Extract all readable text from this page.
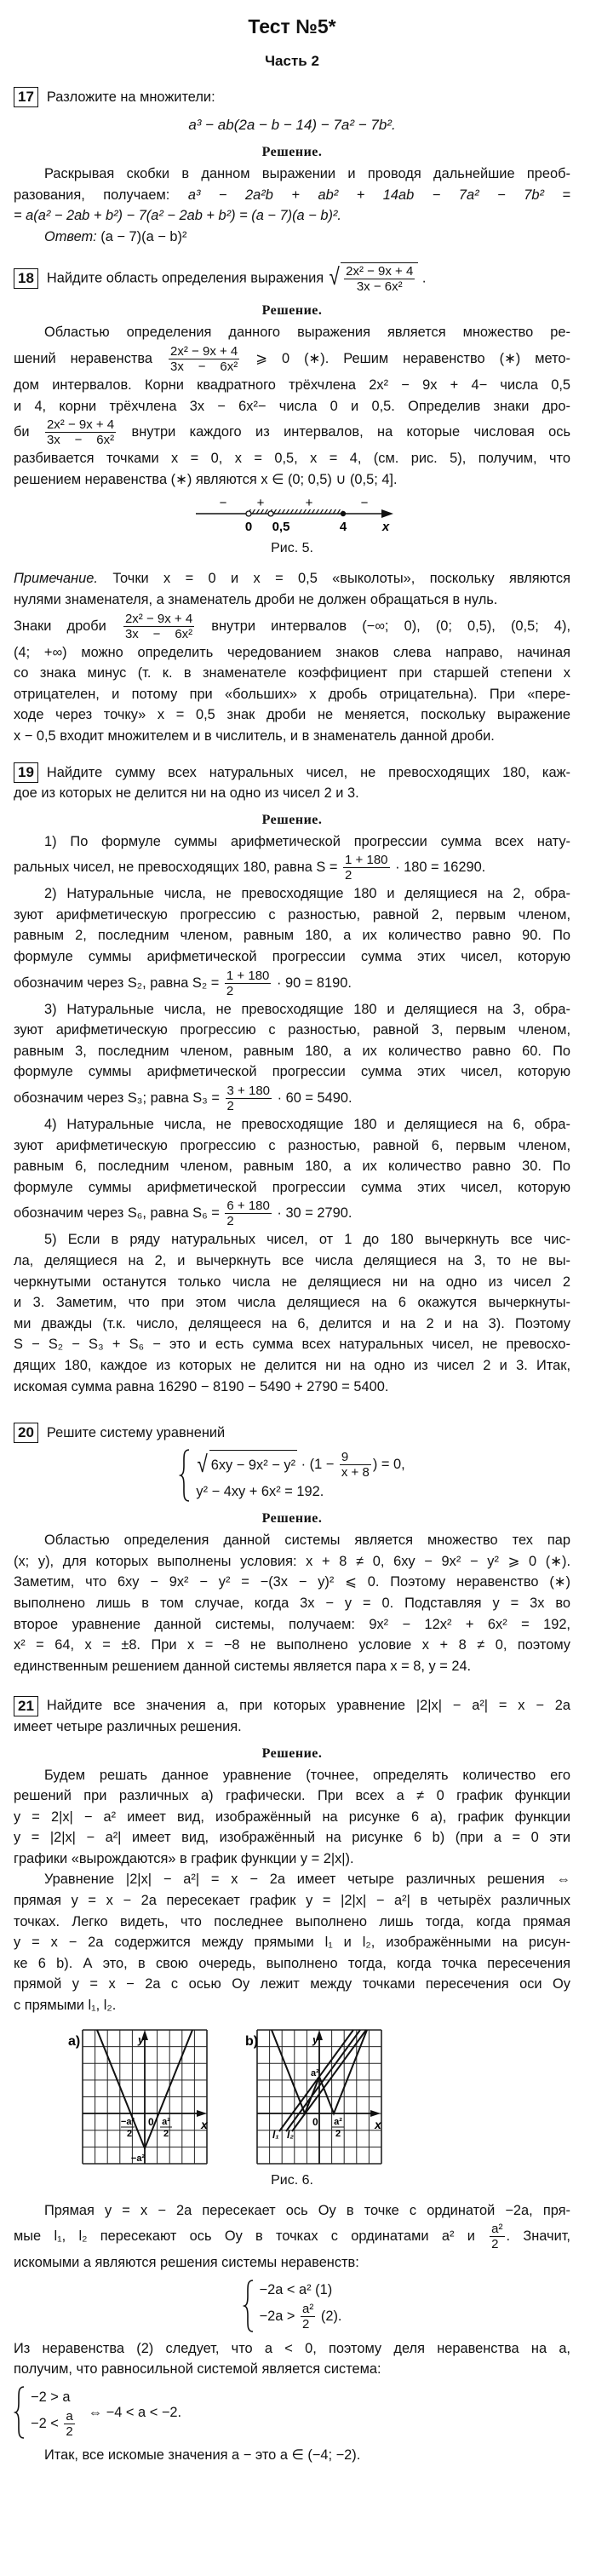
Тест №5*
Часть 2
17 Разложите на множители:
a³ − ab(2a − b − 14) − 7a² − 7b².
Решение.
Раскрывая скобки в данном выражении и проводя дальнейшие преоб-
разования, получаем: a³ − 2a²b + ab² + 14ab − 7a² − 7b² =
= a(a² − 2ab + b²) − 7(a² − 2ab + b²) = (a − 7)(a − b)².
Ответ: (a − 7)(a − b)²
18 Найдите область определения выражения √ $\frac{\text{2x² − 9x + 4}}{\text{3x − 6x²}}$ .
Решение.
Областью определения данного выражения является множество ре-
шений неравенства $\frac{\text{2x² − 9x + 4}}{\text{3x − 6x²}}$ ⩾ 0 (∗). Решим неравенство (∗) мето-
дом интервалов. Корни квадратного трёхчлена 2x² − 9x + 4− числа 0,5
и 4, корни трёхчлена 3x − 6x²− числа 0 и 0,5. Определив знаки дро-
би $\frac{\text{2x² − 9x + 4}}{\text{3x − 6x²}}$ внутри каждого из интервалов, на которые числовая ось
разбивается точками x = 0, x = 0,5, x = 4, (см. рис. 5), получим, что
решением неравенства (∗) являются x ∈ (0; 0,5) ∪ (0,5; 4].
− +	+	−
0 0,5	4	x
Рис. 5.
Примечание. Точки x = 0 и x = 0,5 «выколоты», поскольку являются
нулями знаменателя, а знаменатель дроби не должен обращаться в нуль.
Знаки дроби $\frac{\text{2x² − 9x + 4}}{\text{3x − 6x²}}$ внутри интервалов (−∞; 0), (0; 0,5), (0,5; 4),
(4; +∞) можно определить чередованием знаков слева направо, начиная
со знака минус (т. к. в знаменателе коэффициент при старшей степени x
отрицателен, и потому при «больших» x дробь отрицательна). При «пере-
ходе через точку» x = 0,5 знак дроби не меняется, поскольку выражение
x − 0,5 входит множителем и в числитель, и в знаменатель данной дроби.
19 Найдите сумму всех натуральных чисел, не превосходящих 180, каж-
дое из которых не делится ни на одно из чисел 2 и 3.
Решение.
1) По формуле суммы арифметической прогрессии сумма всех нату-
ральных чисел, не превосходящих 180, равна $S = \frac{1 + 180}{2} \cdot 180 = 16290$.
2) Натуральные числа, не превосходящие 180 и делящиеся на 2, обра-
зуют арифметическую прогрессию с разностью, равной 2, первым членом,
равным 2, последним членом, равным 180, а их количество равно 90. По
формуле суммы арифметической прогрессии сумма этих чисел, которую
обозначим через S₂, равна $S_2 = \frac{1 + 180}{2} \cdot 90 = 8190$.
3) Натуральные числа, не превосходящие 180 и делящиеся на 3, обра-
зуют арифметическую прогрессию с разностью, равной 3, первым членом,
равным 3, последним членом, равным 180, а их количество равно 60. По
формуле суммы арифметической прогрессии сумма этих чисел, которую
обозначим через S₃; равна $S_3 = \frac{3 + 180}{2} \cdot 60 = 5490$.
4) Натуральные числа, не превосходящие 180 и делящиеся на 6, обра-
зуют арифметическую прогрессию с разностью, равной 6, первым членом,
равным 6, последним членом, равным 180, а их количество равно 30. По
формуле суммы арифметической прогрессии сумма этих чисел, которую
обозначим через S₆, равна $S_6 = \frac{6 + 180}{2} \cdot 30 = 2790$.
5) Если в ряду натуральных чисел, от 1 до 180 вычеркнуть все чис-
ла, делящиеся на 2, и вычеркнуть все числа делящиеся на 3, то не вы-
черкнутыми останутся только числа не делящиеся ни на одно из чисел 2
и 3. Заметим, что при этом числа делящиеся на 6 окажутся вычеркнуты-
ми дважды (т.к. число, делящееся на 6, делится и на 2 и на 3). Поэтому
S − S₂ − S₃ + S₆ − это и есть сумма всех натуральных чисел, не превосхо-
дящих 180, каждое из которых не делится ни на одно из чисел 2 и 3. Итак,
искомая сумма равна 16290 − 8190 − 5490 + 2790 = 5400.
20 Решите систему уравнений
√ $6xy - 9x^2 - y^2 \cdot (1 - \frac{9}{x + 8}$ ) = 0,
y² − 4xy + 6x² = 192.
Решение.
Областью определения данной системы является множество тех пар
(x; y), для которых выполнены условия: x + 8 ≠ 0, 6xy − 9x² − y² ⩾ 0 (∗).
Заметим, что 6xy − 9x² − y² = −(3x − y)² ⩽ 0. Поэтому неравенство (∗)
выполнено лишь в том случае, когда 3x − y = 0. Подставляя y = 3x во
второе уравнение данной системы, получаем: 9x² − 12x² + 6x² = 192,
x² = 64, x = ±8. При x = −8 не выполнено условие x + 8 ≠ 0, поэтому
единственным решением данной системы является пара x = 8, y = 24.
21 Найдите все значения a, при которых уравнение |2|x| − a²| = x − 2a
имеет четыре различных решения.
Решение.
Будем решать данное уравнение (точнее, определять количество его
решений при различных a) графически. При всех a ≠ 0 график функции
y = 2|x| − a² имеет вид, изображённый на рисунке 6 a), график функции
y = |2|x| − a²| имеет вид, изображённый на рисунке 6 b) (при a = 0 эти
графики «вырождаются» в график функции y = 2|x|).
Уравнение |2|x| − a²| = x − 2a имеет четыре различных решения ⇔
прямая y = x − 2a пересекает график y = |2|x| − a²| в четырёх различных
точках. Легко видеть, что последнее выполнено лишь тогда, когда прямая
y = x − 2a содержится между прямыми l₁ и l₂, изображёнными на рисун-
ке 6 b). А это, в свою очередь, выполнено тогда, когда точка пересечения
прямой y = x − 2a с осью Oy лежит между точками пересечения оси Oy
с прямыми l₁, l₂.
a)	y
x
0
−a²
2
a²
2
−a²
b)	y
x
0
a²
a²
2
l₁ l₂
Рис. 6.
Прямая y = x − 2a пересекает ось Oy в точке с ординатой −2a, пря-
мые l₁, l₂ пересекают ось Oy в точках с ординатами a² и $\frac{\text{a²}}{2}$ . Значит,
искомыми a являются решения системы неравенств:
−2a < a² (1)
$-2a > \frac{\text{a²}}{2} (2)$.
Из неравенства (2) следует, что a < 0, поэтому деля неравенства на a,
получим, что равносильной системой является система:
−2 > a
$-2 < \frac{a}{2}$ ⇔ −4 < a < −2.
Итак, все искомые значения a − это a ∈ (−4; −2).
